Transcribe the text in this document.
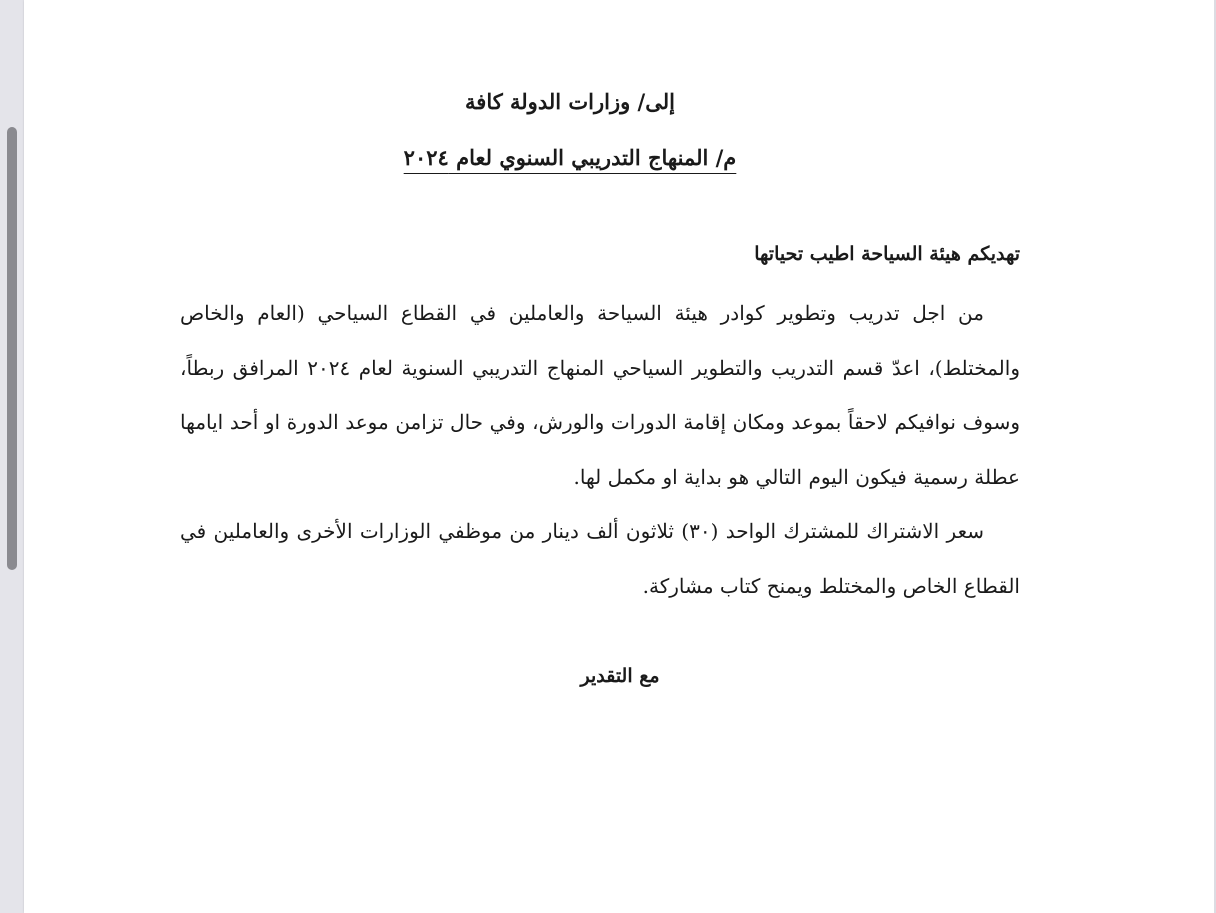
إلى/ وزارات الدولة كافة
م/ المنهاج التدريبي السنوي لعام ٢٠٢٤
تهديكم هيئة السياحة اطيب تحياتها

من اجل تدريب وتطوير كوادر هيئة السياحة والعاملين في القطاع السياحي (العام والخاص والمختلط)، اعدّ قسم التدريب والتطوير السياحي المنهاج التدريبي السنوية لعام ٢٠٢٤ المرافق ربطاً، وسوف نوافيكم لاحقاً بموعد ومكان إقامة الدورات والورش، وفي حال تزامن موعد الدورة او أحد ايامها عطلة رسمية فيكون اليوم التالي هو بداية او مكمل لها.

سعر الاشتراك للمشترك الواحد (٣٠) ثلاثون ألف دينار من موظفي الوزارات الأخرى والعاملين في القطاع الخاص والمختلط ويمنح كتاب مشاركة.

مع التقدير
